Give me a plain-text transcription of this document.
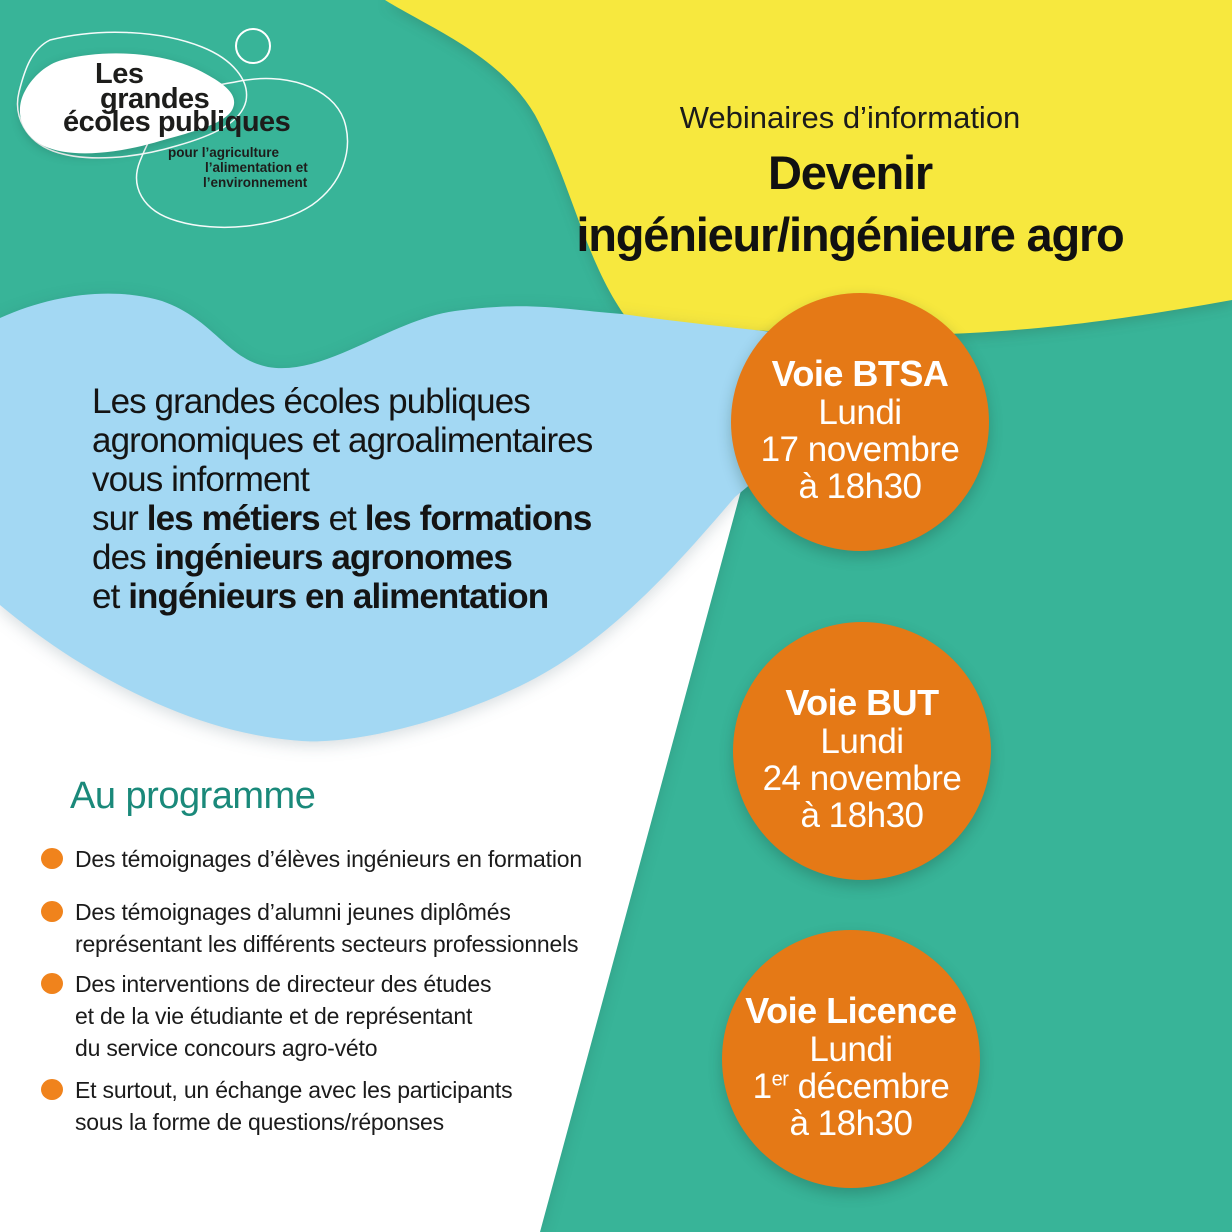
Les
grandes
écoles publiques
pour l’agriculture
l’alimentation et
l’environnement
Webinaires d’information
Devenir
ingénieur/ingénieure agro
Les grandes écoles publiques
agronomiques et agroalimentaires
vous informent
sur les métiers et les formations
des ingénieurs agronomes
et ingénieurs en alimentation
Au programme
Des témoignages d’élèves ingénieurs en formation
Des témoignages d’alumni jeunes diplômés
représentant les différents secteurs professionnels
Des interventions de directeur des études
et de la vie étudiante et de représentant
du service concours agro-véto
Et surtout, un échange avec les participants
sous la forme de questions/réponses
Voie BTSA
Lundi
17 novembre
à 18h30
Voie BUT
Lundi
24 novembre
à 18h30
Voie Licence
Lundi
1er décembre
à 18h30
